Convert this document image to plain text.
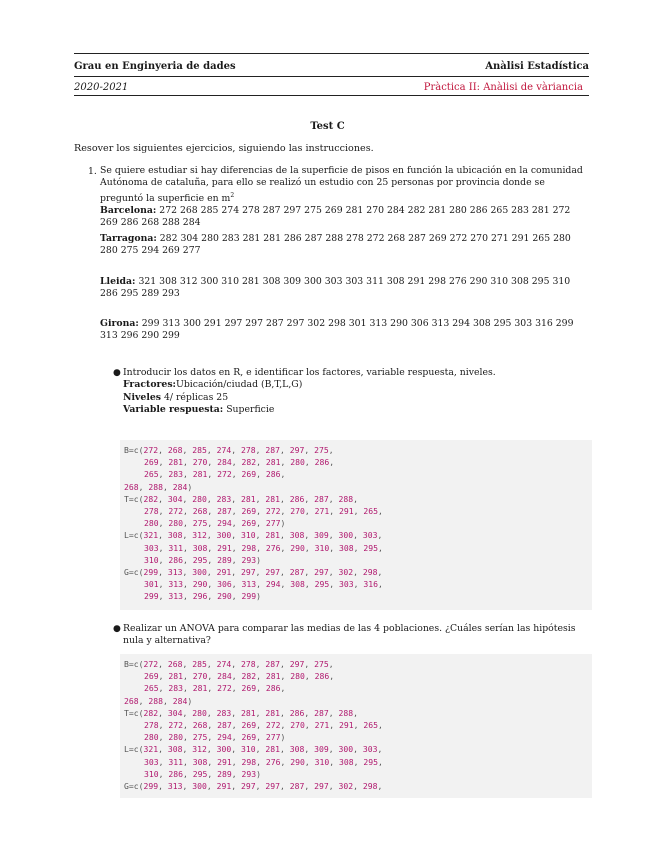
Grau en Enginyeria de dades	Anàlisi Estadística
2020-2021	Pràctica II: Anàlisi de vàriancia
Test C
Resover los siguientes ejercicios, siguiendo las instrucciones.
1. Se quiere estudiar si hay diferencias de la superficie de pisos en función la ubicación en la comunidad Autónoma de cataluña, para ello se realizó un estudio con 25 personas por provincia donde se preguntó la superficie en $m^2$
Barcelona: 272 268 285 274 278 287 297 275 269 281 270 284 282 281 280 286 265 283 281 272 269 286 268 288 284
Tarragona: 282 304 280 283 281 281 286 287 288 278 272 268 287 269 272 270 271 291 265 280 280 275 294 269 277
Lleida: 321 308 312 300 310 281 308 309 300 303 303 311 308 291 298 276 290 310 308 295 310 286 295 289 293
Girona: 299 313 300 291 297 297 287 297 302 298 301 313 290 306 313 294 308 295 303 316 299 313 296 290 299
● Introducir los datos en R, e identificar los factores, variable respuesta, niveles.
Fractores:Ubicación/ciudad (B,T,L,G)
Niveles 4/ réplicas 25
Variable respuesta: Superficie
B=c(272, 268, 285, 274, 278, 287, 297, 275,
269, 281, 270, 284, 282, 281, 280, 286,
265, 283, 281, 272, 269, 286,
268, 288, 284)
T=c(282, 304, 280, 283, 281, 281, 286, 287, 288,
278, 272, 268, 287, 269, 272, 270, 271, 291, 265,
280, 280, 275, 294, 269, 277)
L=c(321, 308, 312, 300, 310, 281, 308, 309, 300, 303,
303, 311, 308, 291, 298, 276, 290, 310, 308, 295,
310, 286, 295, 289, 293)
G=c(299, 313, 300, 291, 297, 297, 287, 297, 302, 298,
301, 313, 290, 306, 313, 294, 308, 295, 303, 316,
299, 313, 296, 290, 299)
● Realizar un ANOVA para comparar las medias de las 4 poblaciones. ¿Cuáles serían las hipótesis nula y alternativa?
B=c(272, 268, 285, 274, 278, 287, 297, 275,
269, 281, 270, 284, 282, 281, 280, 286,
265, 283, 281, 272, 269, 286,
268, 288, 284)
T=c(282, 304, 280, 283, 281, 281, 286, 287, 288,
278, 272, 268, 287, 269, 272, 270, 271, 291, 265,
280, 280, 275, 294, 269, 277)
L=c(321, 308, 312, 300, 310, 281, 308, 309, 300, 303,
303, 311, 308, 291, 298, 276, 290, 310, 308, 295,
310, 286, 295, 289, 293)
G=c(299, 313, 300, 291, 297, 297, 287, 297, 302, 298,
